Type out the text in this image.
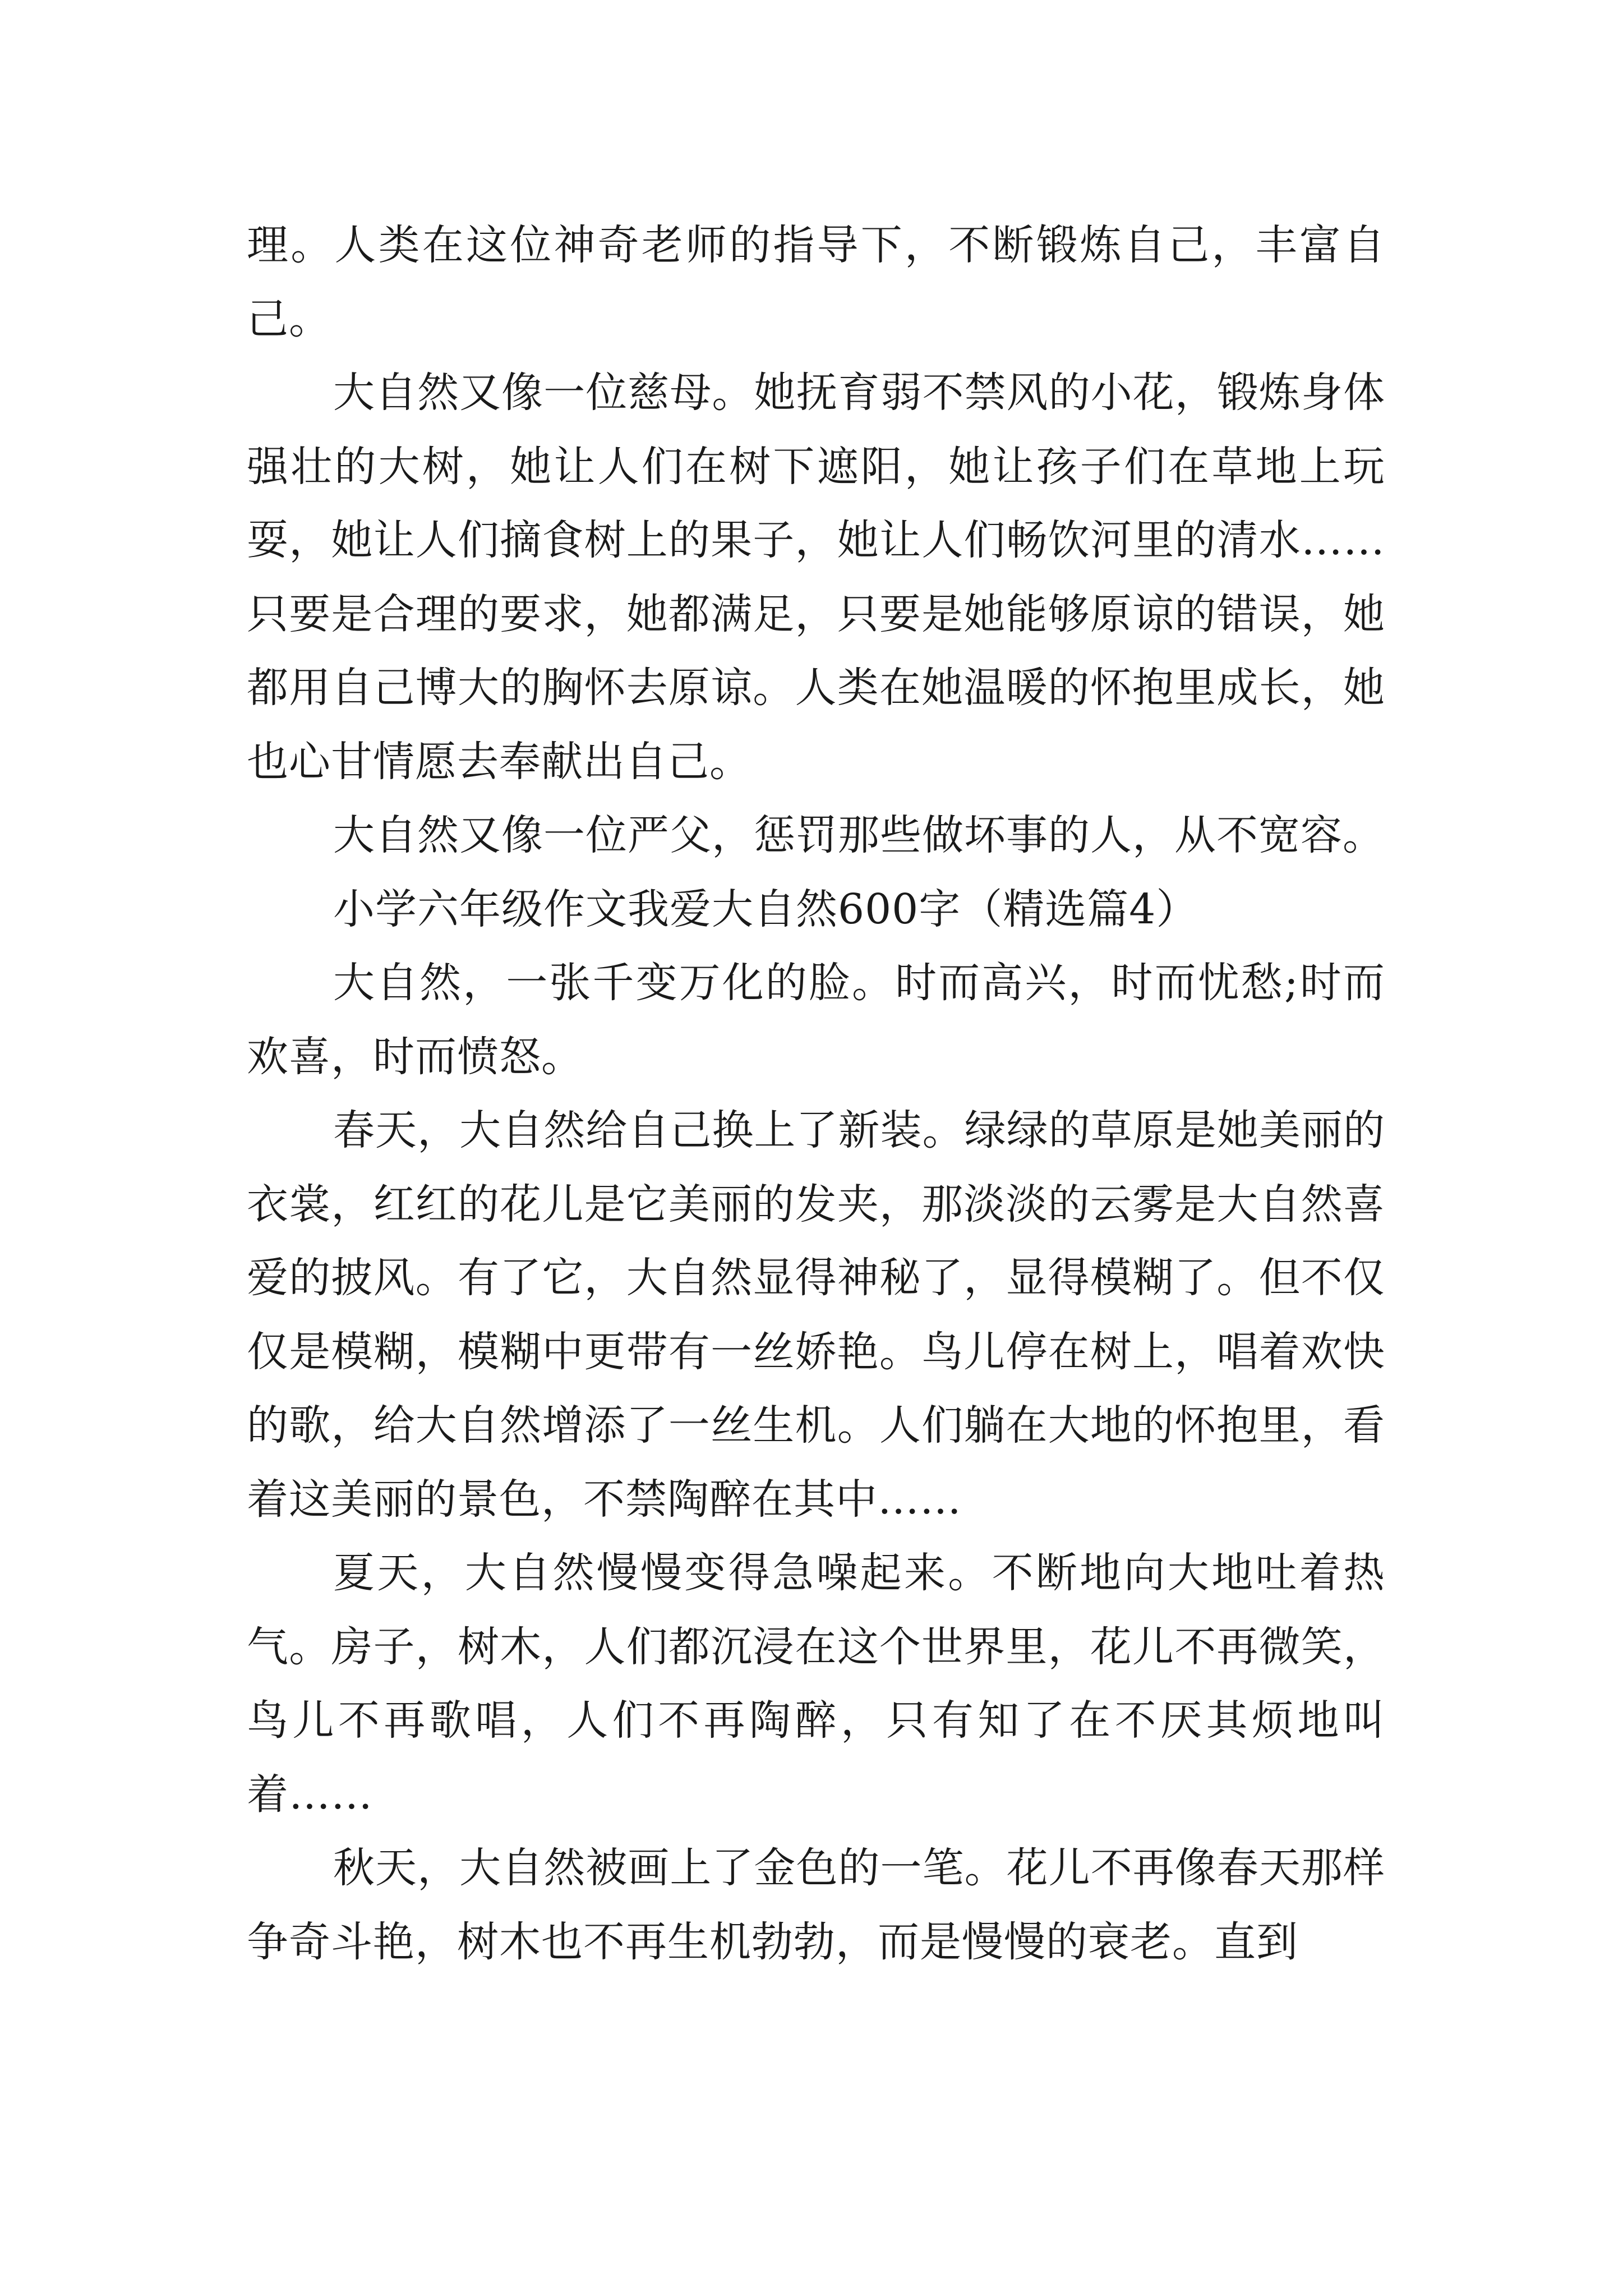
理。人类在这位神奇老师的指导下，不断锻炼自己，丰富自己。

大自然又像一位慈母。她抚育弱不禁风的小花，锻炼身体强壮的大树，她让人们在树下遮阳，她让孩子们在草地上玩耍，她让人们摘食树上的果子，她让人们畅饮河里的清水……只要是合理的要求，她都满足，只要是她能够原谅的错误，她都用自己博大的胸怀去原谅。人类在她温暖的怀抱里成长，她也心甘情愿去奉献出自己。

大自然又像一位严父，惩罚那些做坏事的人，从不宽容。

小学六年级作文我爱大自然600字（精选篇4）

大自然，一张千变万化的脸。时而高兴，时而忧愁;时而欢喜，时而愤怒。

春天，大自然给自己换上了新装。绿绿的草原是她美丽的衣裳，红红的花儿是它美丽的发夹，那淡淡的云雾是大自然喜爱的披风。有了它，大自然显得神秘了，显得模糊了。但不仅仅是模糊，模糊中更带有一丝娇艳。鸟儿停在树上，唱着欢快的歌，给大自然增添了一丝生机。人们躺在大地的怀抱里，看着这美丽的景色，不禁陶醉在其中……

夏天，大自然慢慢变得急噪起来。不断地向大地吐着热气。房子，树木，人们都沉浸在这个世界里，花儿不再微笑，鸟儿不再歌唱，人们不再陶醉，只有知了在不厌其烦地叫着……

秋天，大自然被画上了金色的一笔。花儿不再像春天那样争奇斗艳，树木也不再生机勃勃，而是慢慢的衰老。直到
